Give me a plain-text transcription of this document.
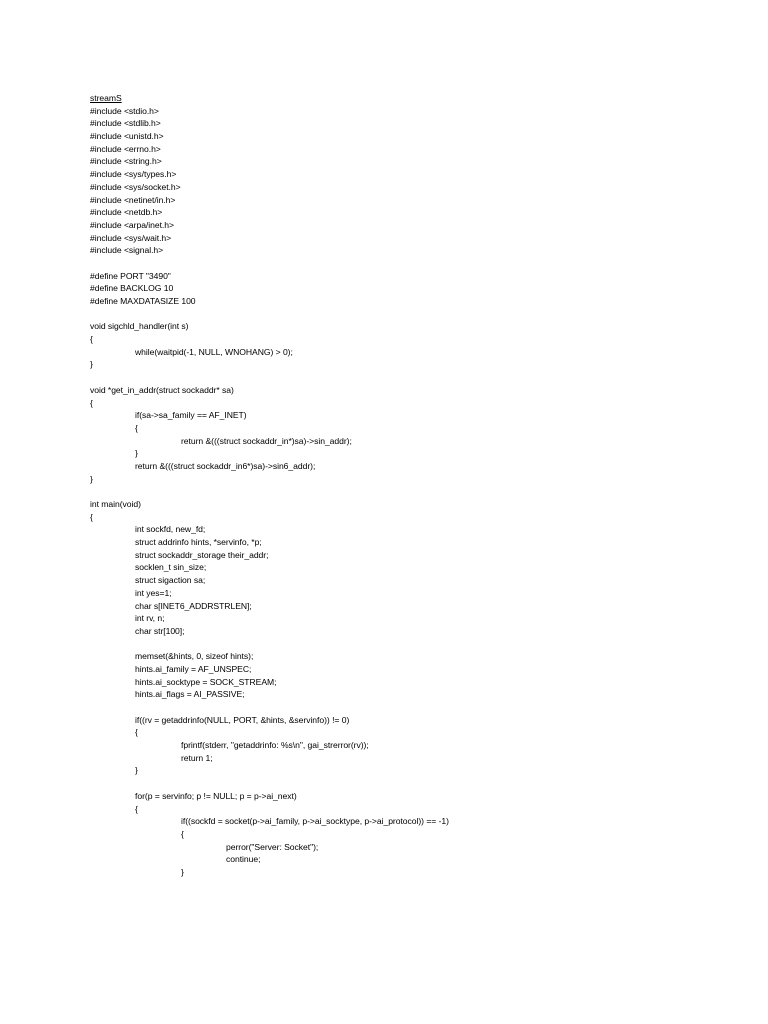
streamS
#include <stdio.h>
#include <stdlib.h>
#include <unistd.h>
#include <errno.h>
#include <string.h>
#include <sys/types.h>
#include <sys/socket.h>
#include <netinet/in.h>
#include <netdb.h>
#include <arpa/inet.h>
#include <sys/wait.h>
#include <signal.h>
#define PORT "3490"
#define BACKLOG 10
#define MAXDATASIZE 100
void sigchld_handler(int s)
{
while(waitpid(-1, NULL, WNOHANG) > 0);
}
void *get_in_addr(struct sockaddr* sa)
{
if(sa->sa_family == AF_INET)
{
return &(((struct sockaddr_in*)sa)->sin_addr);
}
return &(((struct sockaddr_in6*)sa)->sin6_addr);
}
int main(void)
{
int sockfd, new_fd;
struct addrinfo hints, *servinfo, *p;
struct sockaddr_storage their_addr;
socklen_t sin_size;
struct sigaction sa;
int yes=1;
char s[INET6_ADDRSTRLEN];
int rv, n;
char str[100];
memset(&hints, 0, sizeof hints);
hints.ai_family = AF_UNSPEC;
hints.ai_socktype = SOCK_STREAM;
hints.ai_flags = AI_PASSIVE;
if((rv = getaddrinfo(NULL, PORT, &hints, &servinfo)) != 0)
{
fprintf(stderr, "getaddrinfo: %s\n", gai_strerror(rv));
return 1;
}
for(p = servinfo; p != NULL; p = p->ai_next)
{
if((sockfd = socket(p->ai_family, p->ai_socktype, p->ai_protocol)) == -1)
{
perror("Server: Socket");
continue;
}
